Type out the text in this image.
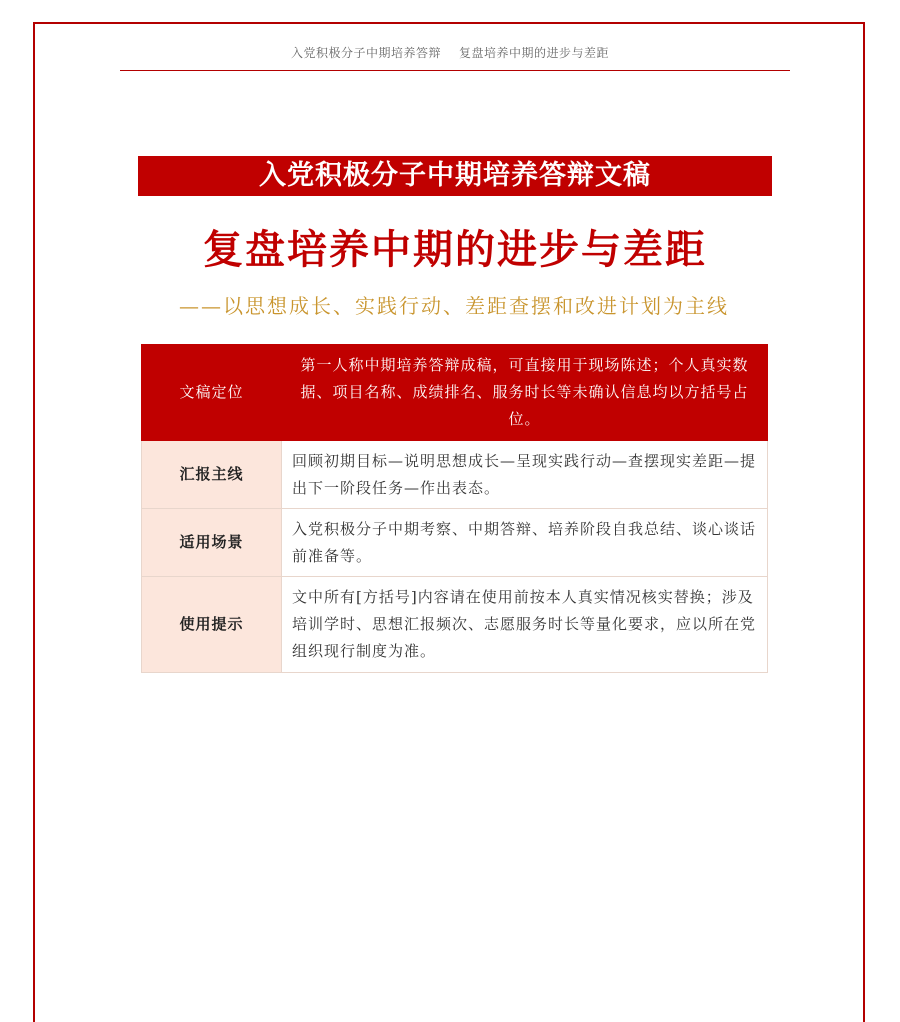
入党积极分子中期培养答辩 复盘培养中期的进步与差距
入党积极分子中期培养答辩文稿
复盘培养中期的进步与差距
——以思想成长、实践行动、差距查摆和改进计划为主线
文稿定位	第一人称中期培养答辩成稿，可直接用于现场陈述；个人真实数据、项目名称、成绩排名、服务时长等未确认信息均以方括号占位。
汇报主线	回顾初期目标—说明思想成长—呈现实践行动—查摆现实差距—提出下一阶段任务—作出表态。
适用场景	入党积极分子中期考察、中期答辩、培养阶段自我总结、谈心谈话前准备等。
使用提示	文中所有[方括号]内容请在使用前按本人真实情况核实替换；涉及培训学时、思想汇报频次、志愿服务时长等量化要求，应以所在党组织现行制度为准。
